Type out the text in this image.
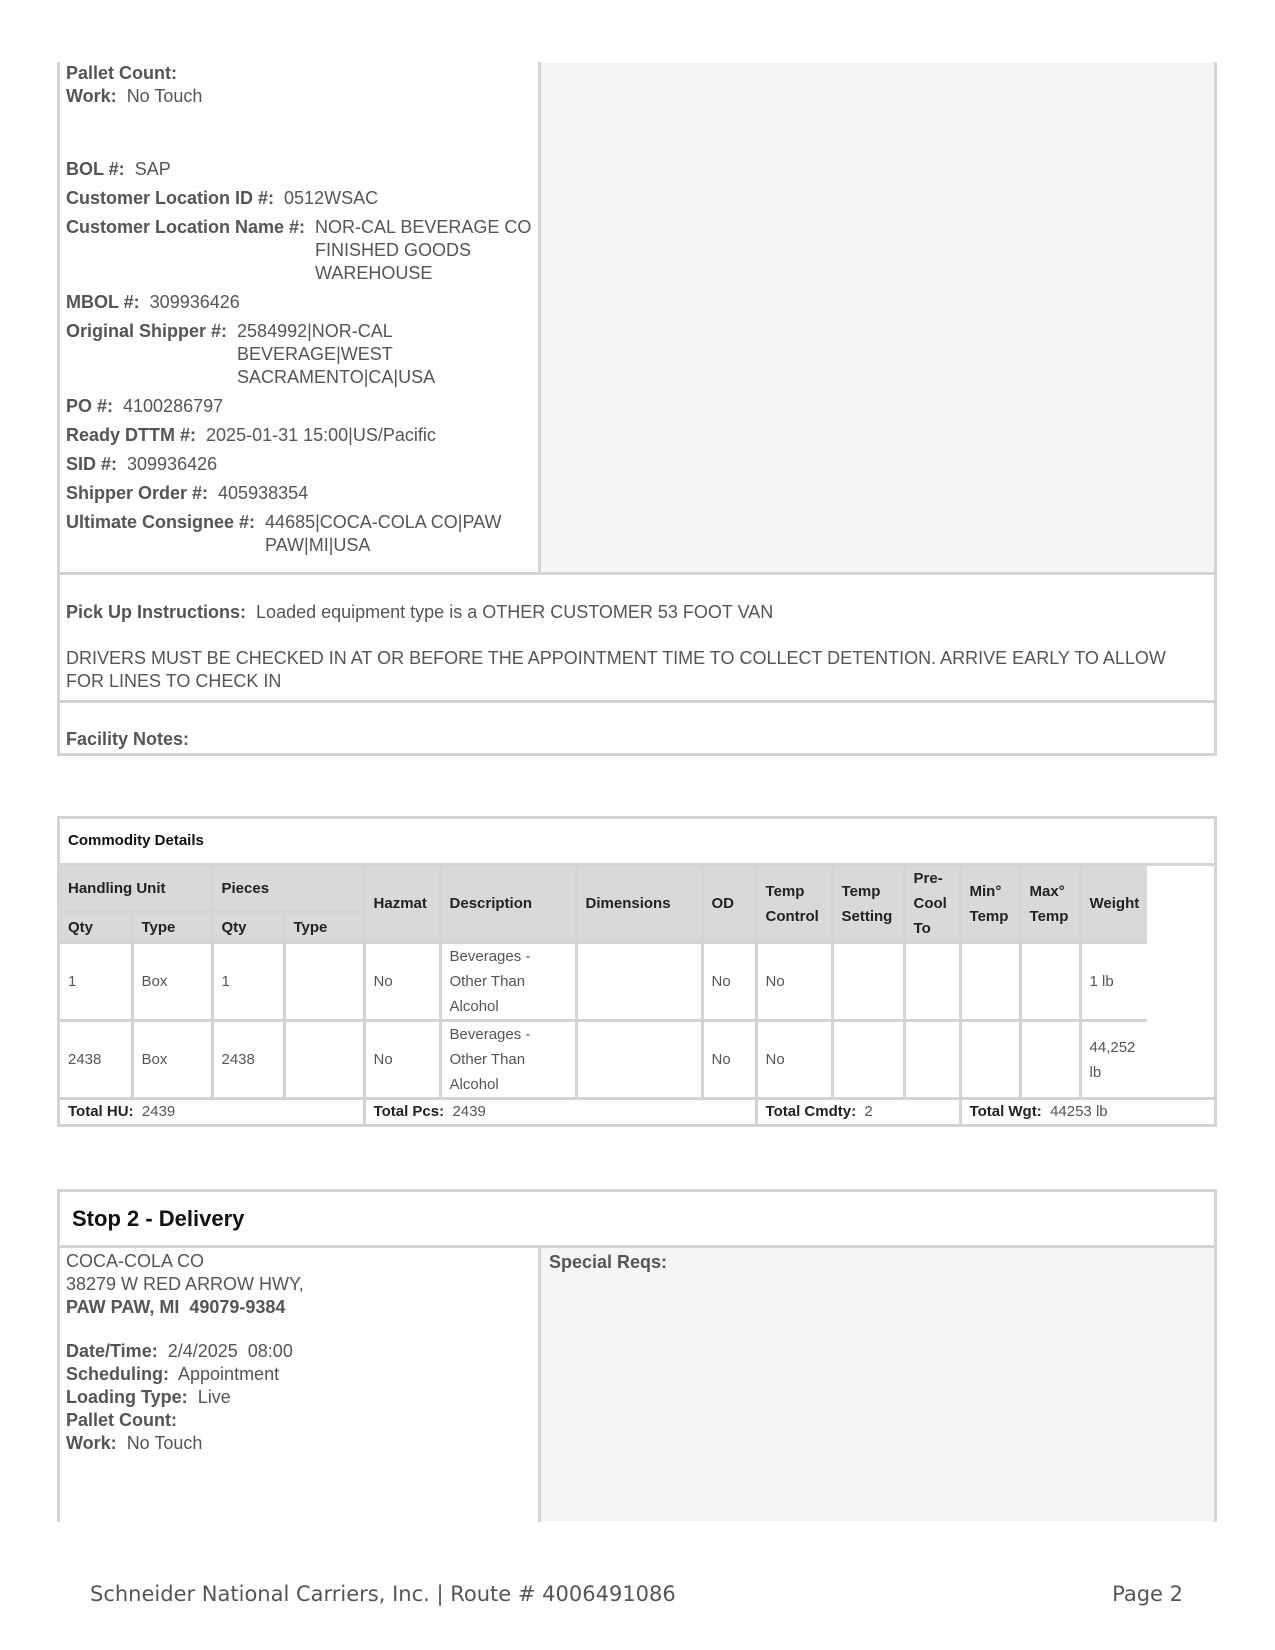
Pallet Count:
Work: No Touch
BOL #: SAP
Customer Location ID #: 0512WSAC
Customer Location Name #: NOR-CAL BEVERAGE CO FINISHED GOODS WAREHOUSE
MBOL #: 309936426
Original Shipper #: 2584992|NOR-CAL BEVERAGE|WEST SACRAMENTO|CA|USA
PO #: 4100286797
Ready DTTM #: 2025-01-31 15:00|US/Pacific
SID #: 309936426
Shipper Order #: 405938354
Ultimate Consignee #: 44685|COCA-COLA CO|PAW PAW|MI|USA
Pick Up Instructions: Loaded equipment type is a OTHER CUSTOMER 53 FOOT VAN
DRIVERS MUST BE CHECKED IN AT OR BEFORE THE APPOINTMENT TIME TO COLLECT DETENTION. ARRIVE EARLY TO ALLOW FOR LINES TO CHECK IN
Facility Notes:
Commodity Details
Handling Unit		Pieces		Hazmat	Description	Dimensions	OD	Temp Control	Temp Setting	Pre-Cool To	Min° Temp	Max° Temp	Weight
Qty	Type	Qty	Type										
1	Box	1		No	Beverages - Other Than Alcohol		No	No					1 lb
2438	Box	2438		No	Beverages - Other Than Alcohol		No	No					44,252 lb
Total HU: 2439				Total Pcs: 2439				Total Cmdty: 2			Total Wgt: 44253 lb		
Stop 2 - Delivery
COCA-COLA CO
38279 W RED ARROW HWY,
PAW PAW, MI  49079-9384
Date/Time: 2/4/2025  08:00
Scheduling: Appointment
Loading Type: Live
Pallet Count:
Work: No Touch
Special Reqs:
Schneider National Carriers, Inc. | Route # 4006491086	Page 2
